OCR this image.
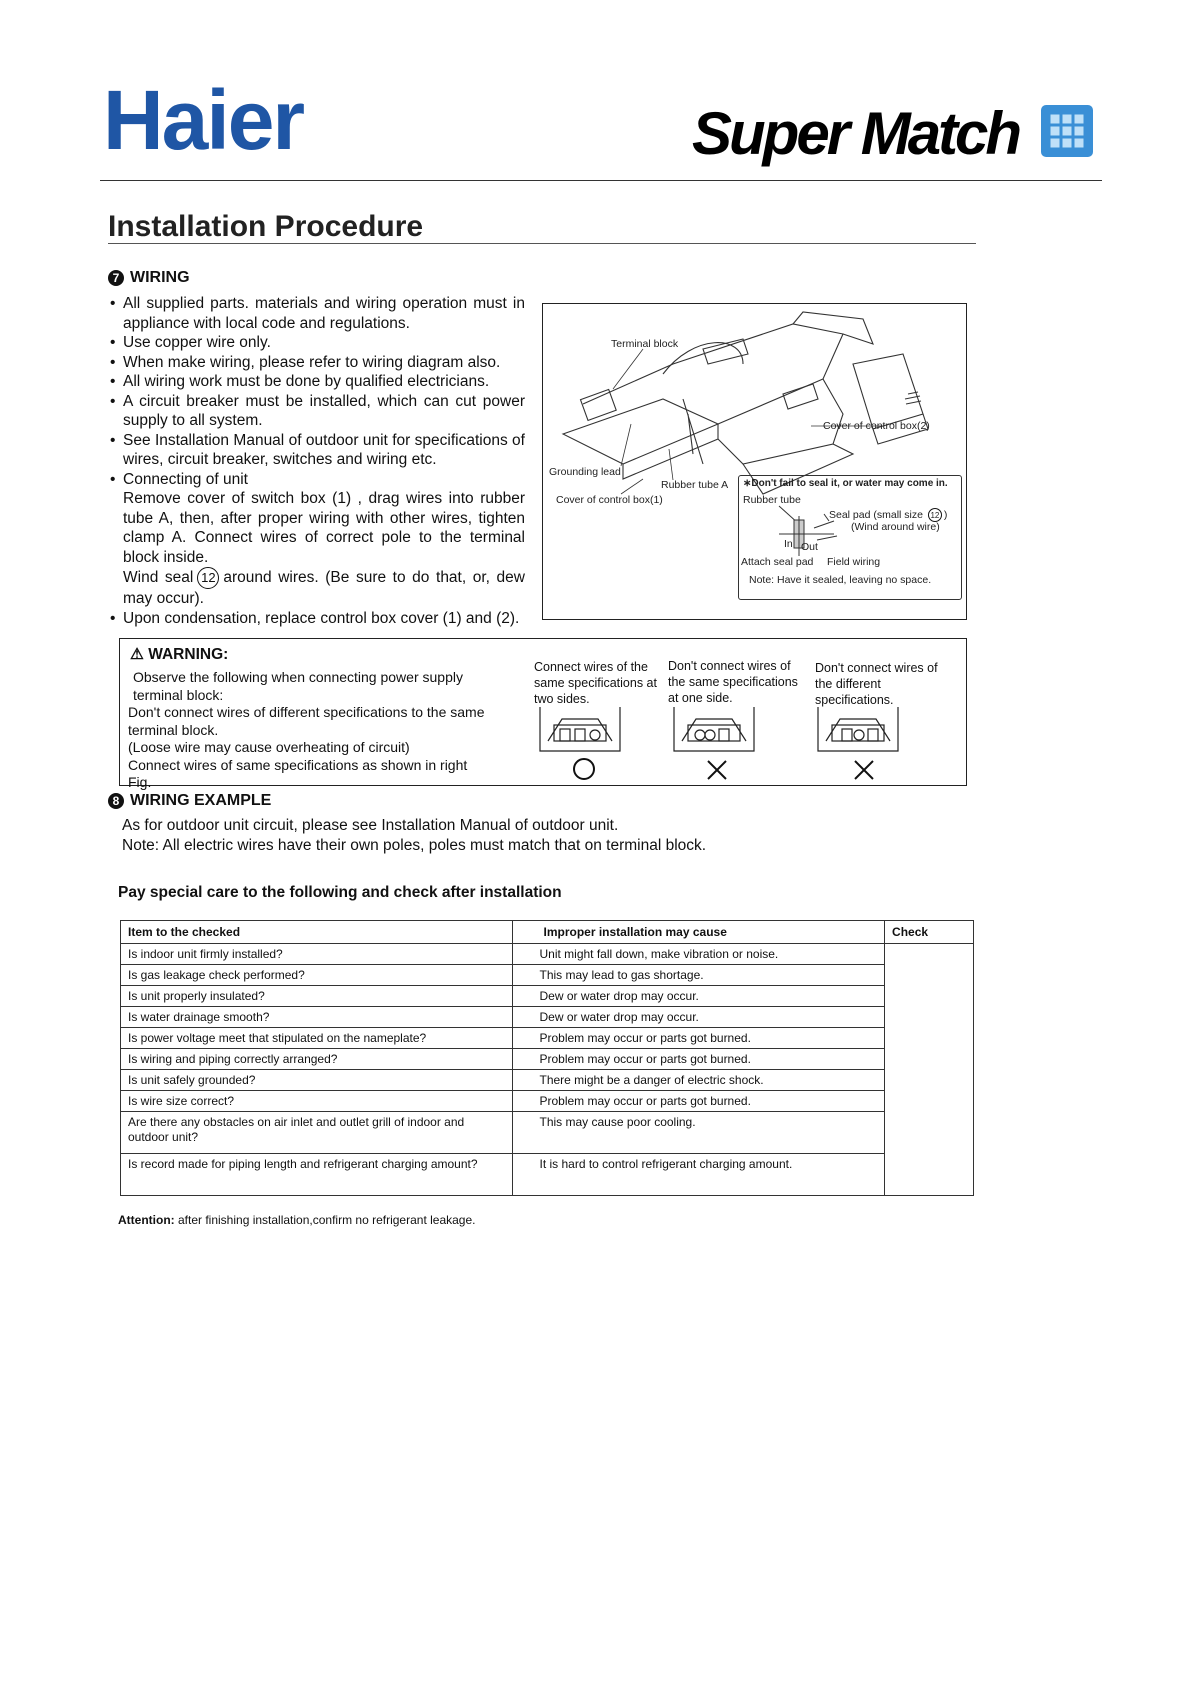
Haier	Super Match
Installation Procedure
7 WIRING
• All supplied parts. materials and wiring operation must in appliance with local code and regulations.
• Use copper wire only.
• When make wiring, please refer to wiring diagram also.
• All wiring work must be done by qualified electricians.
• A circuit breaker must be installed, which can cut power supply to all system.
• See Installation Manual of outdoor unit for specifications of wires, circuit breaker, switches and wiring etc.
• Connecting of unit
Remove cover of switch box (1) , drag wires into rubber tube A, then, after proper wiring with other wires, tighten clamp A. Connect wires of correct pole to the terminal block inside.
Wind seal 12 around wires. (Be sure to do that, or, dew may occur).
• Upon condensation, replace control box cover (1) and (2).
Terminal block
Cover of control box(2)
Grounding lead
Rubber tube A
Cover of control box(1)
∗Don't fail to seal it, or water may come in.
Rubber tube
Seal pad (small size 12 )
(Wind around wire)
In Out
Attach seal pad Field wiring
Note: Have it sealed, leaving no space.
⚠ WARNING:
Observe the following when connecting power supply terminal block:
Don't connect wires of different specifications to the same terminal block.
(Loose wire may cause overheating of circuit)
Connect wires of same specifications as shown in right Fig.
Connect wires of the same specifications at two sides.
Don't connect wires of the same specifications at one side.
Don't connect wires of the different specifications.
8 WIRING EXAMPLE
As for outdoor unit circuit, please see Installation Manual of outdoor unit.
Note: All electric wires have their own poles, poles must match that on terminal block.
Pay special care to the following and check after installation
Item to the checked	Improper installation may cause	Check
Is indoor unit firmly installed?	Unit might fall down, make vibration or noise.	
Is gas leakage check performed?	This may lead to gas shortage.	
Is unit properly insulated?	Dew or water drop may occur.	
Is water drainage smooth?	Dew or water drop may occur.	
Is power voltage meet that stipulated on the nameplate?	Problem may occur or parts got burned.	
Is wiring and piping correctly arranged?	Problem may occur or parts got burned.	
Is unit safely grounded?	There might be a danger of electric shock.	
Is wire size correct?	Problem may occur or parts got burned.	
Are there any obstacles on air inlet and outlet grill of indoor and outdoor unit?	This may cause poor cooling.	
Is record made for piping length and refrigerant charging amount?	It is hard to control refrigerant charging amount.	
Attention: after finishing installation,confirm no refrigerant leakage.
